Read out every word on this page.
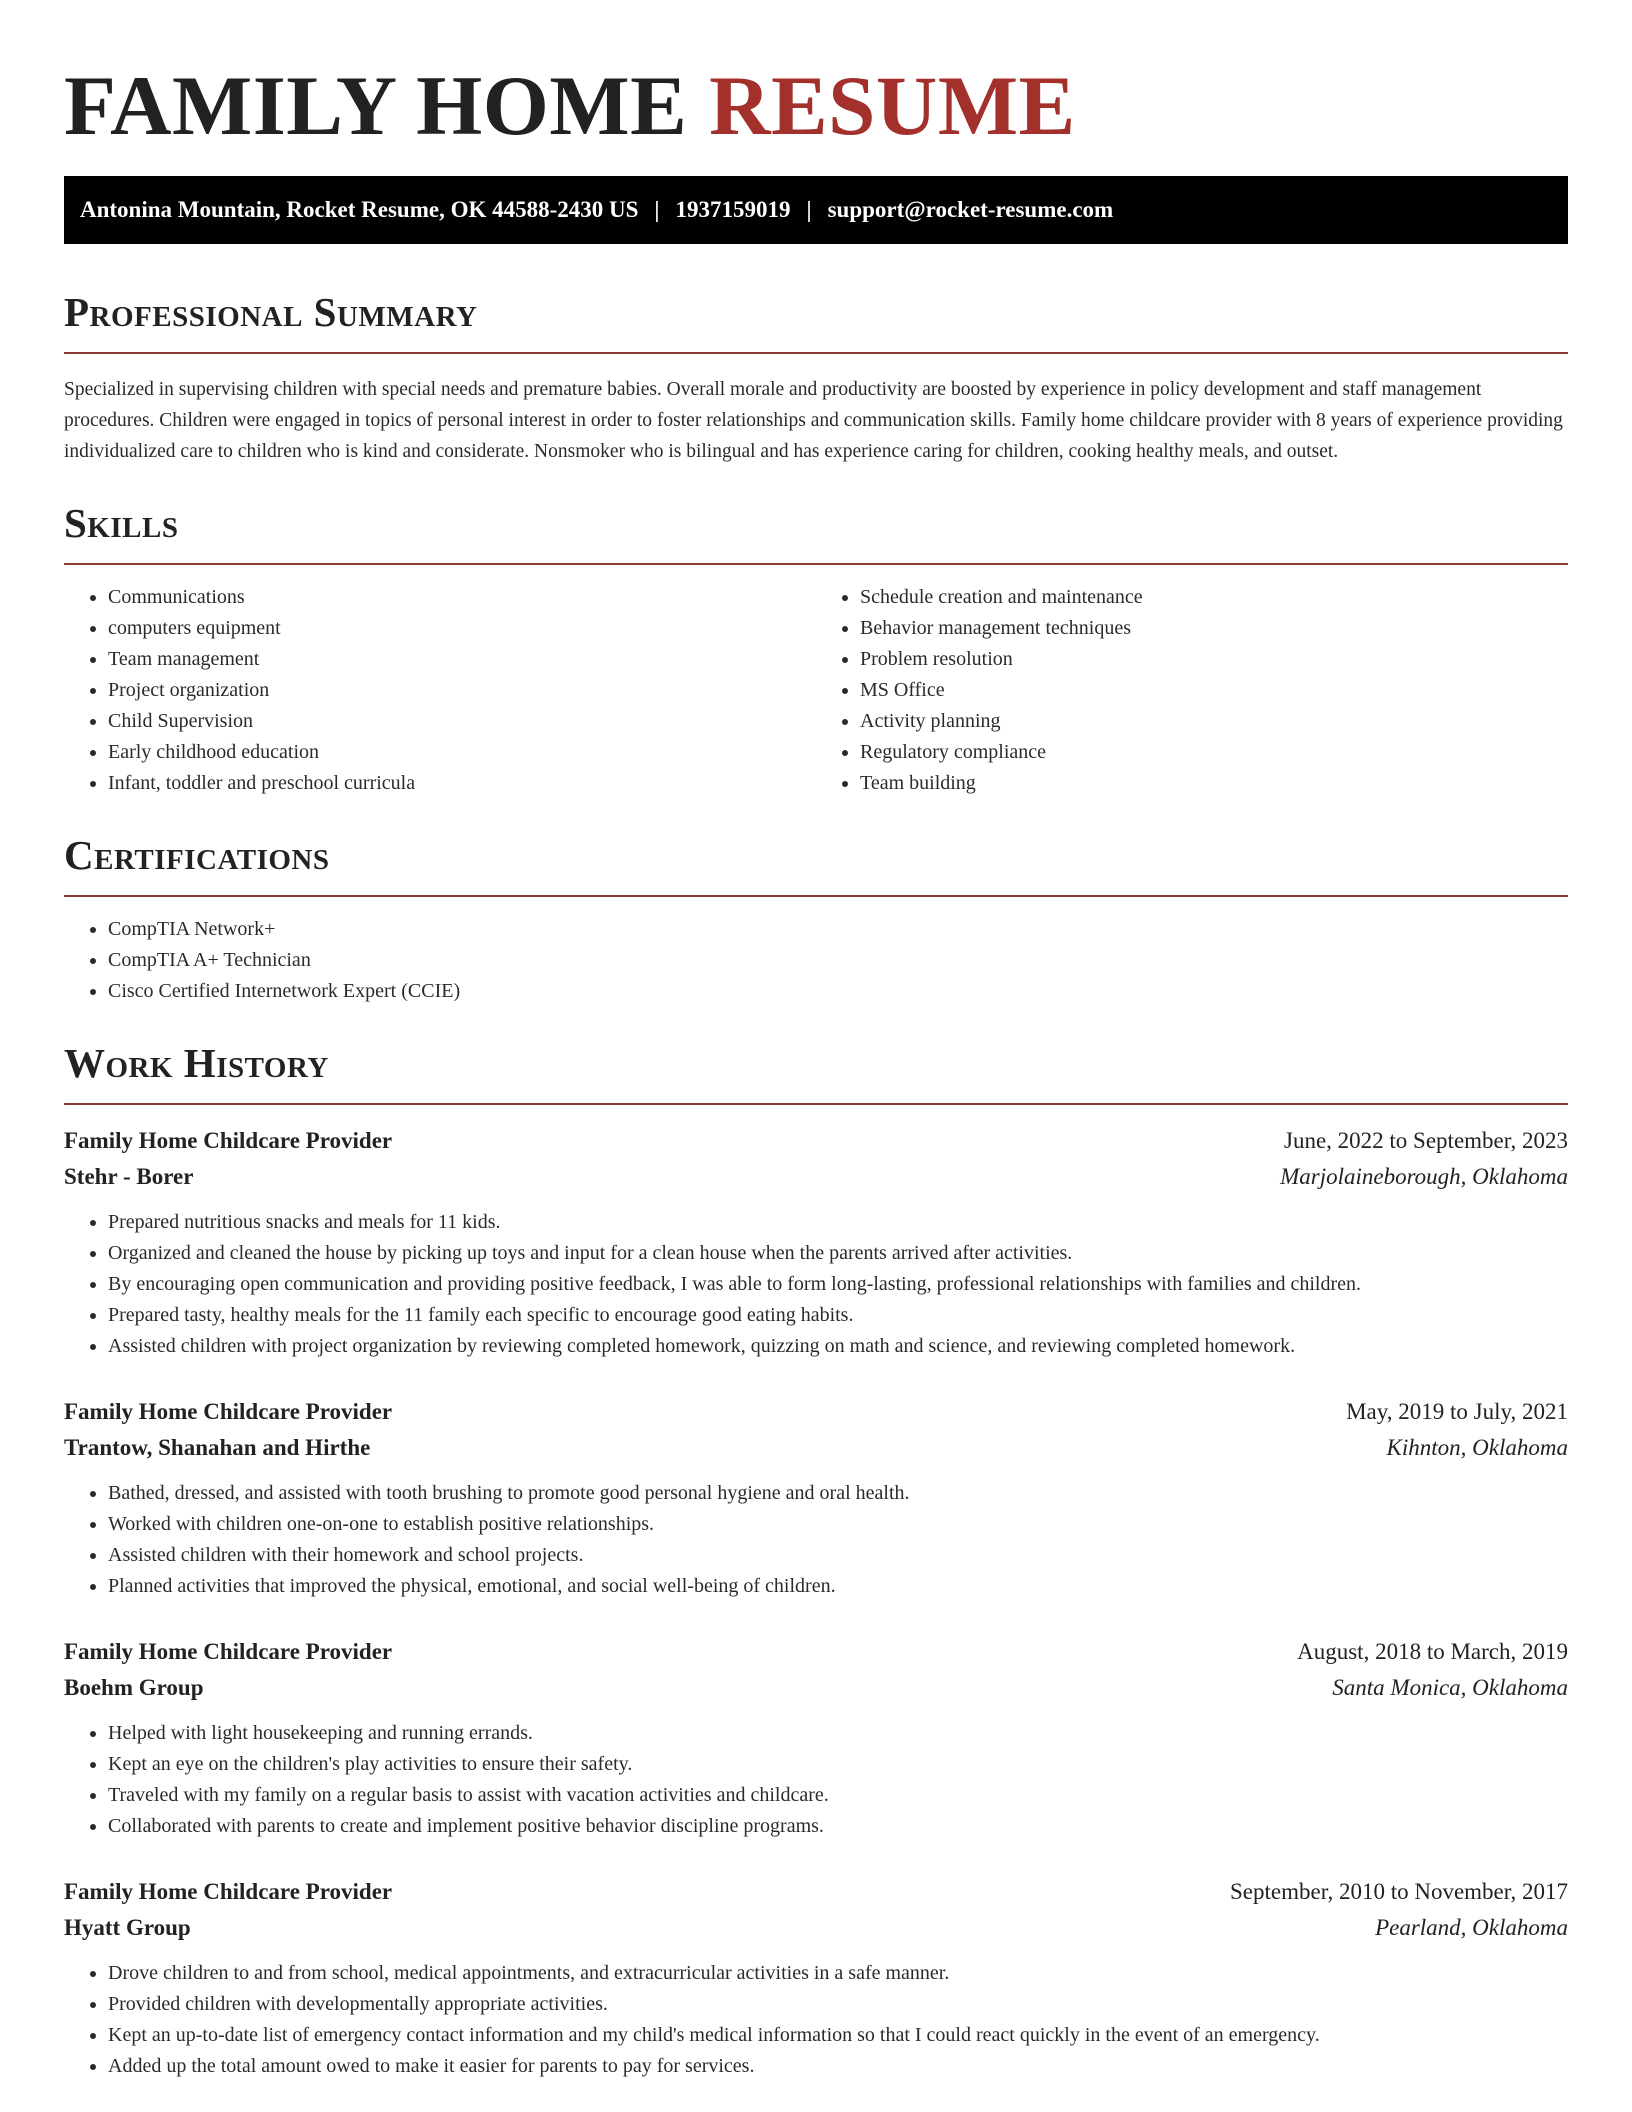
FAMILY HOME RESUME
Antonina Mountain, Rocket Resume, OK 44588-2430 US | 1937159019 | support@rocket-resume.com
Professional Summary

Specialized in supervising children with special needs and premature babies. Overall morale and productivity are boosted by experience in policy development and staff management procedures. Children were engaged in topics of personal interest in order to foster relationships and communication skills. Family home childcare provider with 8 years of experience providing individualized care to children who is kind and considerate. Nonsmoker who is bilingual and has experience caring for children, cooking healthy meals, and outset.

Skills
• Communications
• computers equipment
• Team management
• Project organization
• Child Supervision
• Early childhood education
• Infant, toddler and preschool curricula
• Schedule creation and maintenance
• Behavior management techniques
• Problem resolution
• MS Office
• Activity planning
• Regulatory compliance
• Team building
Certifications
• CompTIA Network+
• CompTIA A+ Technician
• Cisco Certified Internetwork Expert (CCIE)
Work History
Family Home Childcare Provider	June, 2022 to September, 2023
Stehr - Borer	Marjolaineborough, Oklahoma
• Prepared nutritious snacks and meals for 11 kids.
• Organized and cleaned the house by picking up toys and input for a clean house when the parents arrived after activities.
• By encouraging open communication and providing positive feedback, I was able to form long-lasting, professional relationships with families and children.
• Prepared tasty, healthy meals for the 11 family each specific to encourage good eating habits.
• Assisted children with project organization by reviewing completed homework, quizzing on math and science, and reviewing completed homework.
Family Home Childcare Provider	May, 2019 to July, 2021
Trantow, Shanahan and Hirthe	Kihnton, Oklahoma
• Bathed, dressed, and assisted with tooth brushing to promote good personal hygiene and oral health.
• Worked with children one-on-one to establish positive relationships.
• Assisted children with their homework and school projects.
• Planned activities that improved the physical, emotional, and social well-being of children.
Family Home Childcare Provider	August, 2018 to March, 2019
Boehm Group	Santa Monica, Oklahoma
• Helped with light housekeeping and running errands.
• Kept an eye on the children's play activities to ensure their safety.
• Traveled with my family on a regular basis to assist with vacation activities and childcare.
• Collaborated with parents to create and implement positive behavior discipline programs.
Family Home Childcare Provider	September, 2010 to November, 2017
Hyatt Group	Pearland, Oklahoma
• Drove children to and from school, medical appointments, and extracurricular activities in a safe manner.
• Provided children with developmentally appropriate activities.
• Kept an up-to-date list of emergency contact information and my child's medical information so that I could react quickly in the event of an emergency.
• Added up the total amount owed to make it easier for parents to pay for services.
